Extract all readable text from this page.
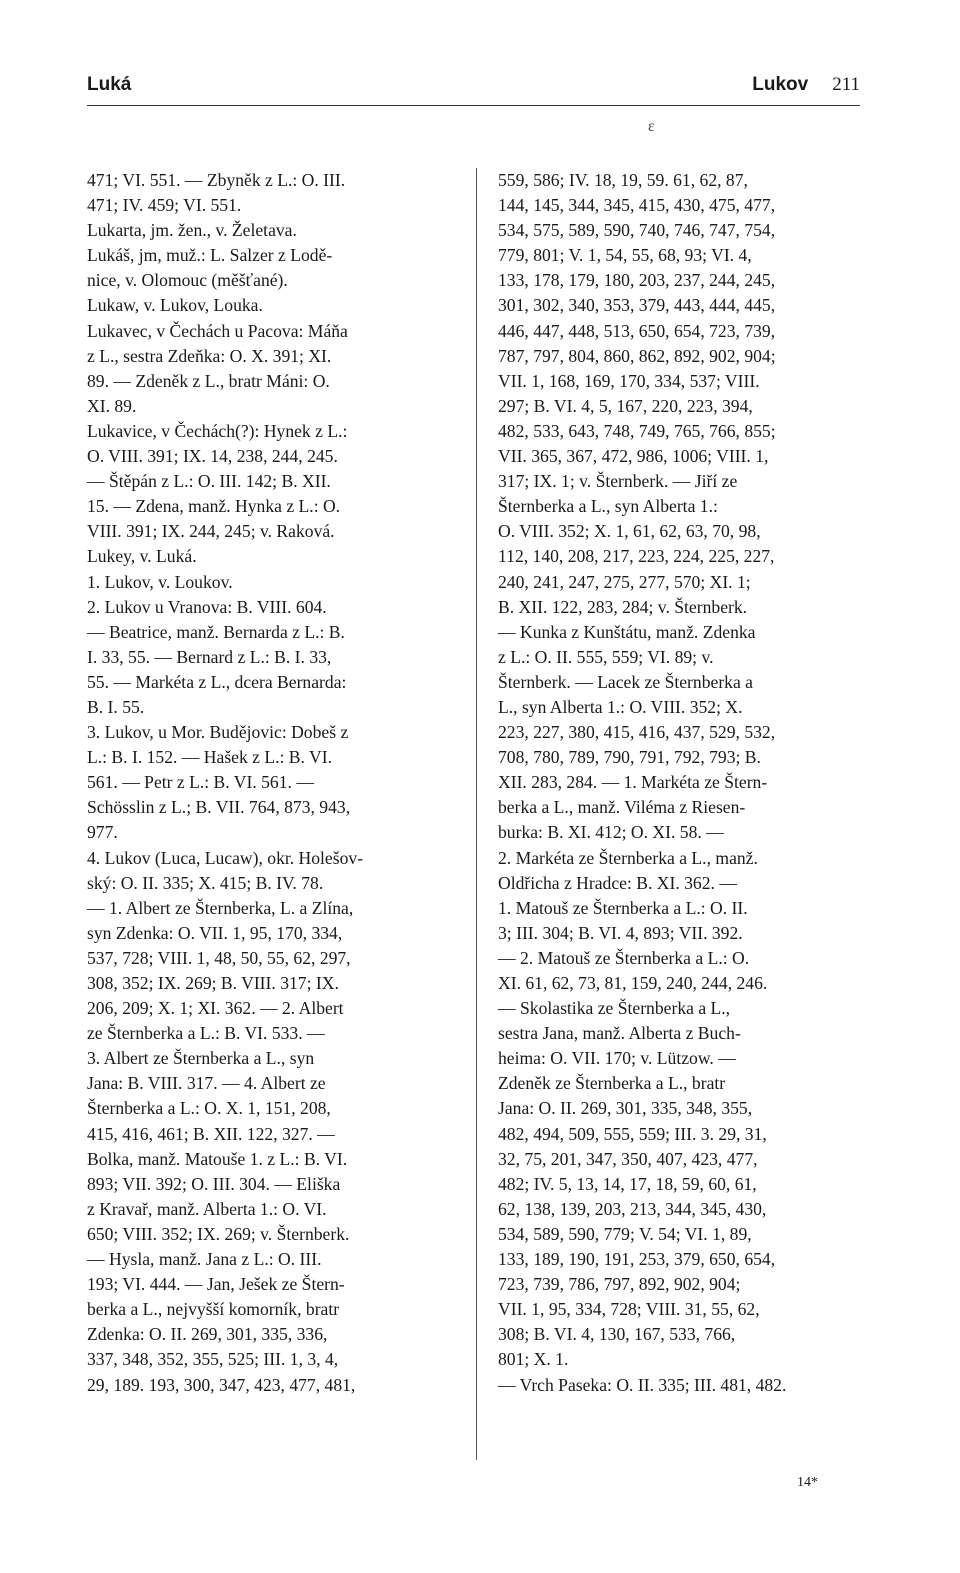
Luká	Lukov 211
ɛ
471; VI. 551. — Zbyněk z L.: O. III.
471; IV. 459; VI. 551.
Lukarta, jm. žen., v. Želetava.
Lukáš, jm, muž.: L. Salzer z Lodě-
nice, v. Olomouc (měšťané).
Lukaw, v. Lukov, Louka.
Lukavec, v Čechách u Pacova: Máňa
z L., sestra Zdeňka: O. X. 391; XI.
89. — Zdeněk z L., bratr Máni: O.
XI. 89.
Lukavice, v Čechách(?): Hynek z L.:
O. VIII. 391; IX. 14, 238, 244, 245.
— Štěpán z L.: O. III. 142; B. XII.
15. — Zdena, manž. Hynka z L.: O.
VIII. 391; IX. 244, 245; v. Raková.
Lukey, v. Luká.
1. Lukov, v. Loukov.
2. Lukov u Vranova: B. VIII. 604.
— Beatrice, manž. Bernarda z L.: B.
I. 33, 55. — Bernard z L.: B. I. 33,
55. — Markéta z L., dcera Bernarda:
B. I. 55.
3. Lukov, u Mor. Budějovic: Dobeš z
L.: B. I. 152. — Hašek z L.: B. VI.
561. — Petr z L.: B. VI. 561. —
Schösslin z L.; B. VII. 764, 873, 943,
977.
4. Lukov (Luca, Lucaw), okr. Holešov-
ský: O. II. 335; X. 415; B. IV. 78.
— 1. Albert ze Šternberka, L. a Zlína,
syn Zdenka: O. VII. 1, 95, 170, 334,
537, 728; VIII. 1, 48, 50, 55, 62, 297,
308, 352; IX. 269; B. VIII. 317; IX.
206, 209; X. 1; XI. 362. — 2. Albert
ze Šternberka a L.: B. VI. 533. —
3. Albert ze Šternberka a L., syn
Jana: B. VIII. 317. — 4. Albert ze
Šternberka a L.: O. X. 1, 151, 208,
415, 416, 461; B. XII. 122, 327. —
Bolka, manž. Matouše 1. z L.: B. VI.
893; VII. 392; O. III. 304. — Eliška
z Kravař, manž. Alberta 1.: O. VI.
650; VIII. 352; IX. 269; v. Šternberk.
— Hysla, manž. Jana z L.: O. III.
193; VI. 444. — Jan, Ješek ze Štern-
berka a L., nejvyšší komorník, bratr
Zdenka: O. II. 269, 301, 335, 336,
337, 348, 352, 355, 525; III. 1, 3, 4,
29, 189. 193, 300, 347, 423, 477, 481,
559, 586; IV. 18, 19, 59. 61, 62, 87,
144, 145, 344, 345, 415, 430, 475, 477,
534, 575, 589, 590, 740, 746, 747, 754,
779, 801; V. 1, 54, 55, 68, 93; VI. 4,
133, 178, 179, 180, 203, 237, 244, 245,
301, 302, 340, 353, 379, 443, 444, 445,
446, 447, 448, 513, 650, 654, 723, 739,
787, 797, 804, 860, 862, 892, 902, 904;
VII. 1, 168, 169, 170, 334, 537; VIII.
297; B. VI. 4, 5, 167, 220, 223, 394,
482, 533, 643, 748, 749, 765, 766, 855;
VII. 365, 367, 472, 986, 1006; VIII. 1,
317; IX. 1; v. Šternberk. — Jiří ze
Šternberka a L., syn Alberta 1.:
O. VIII. 352; X. 1, 61, 62, 63, 70, 98,
112, 140, 208, 217, 223, 224, 225, 227,
240, 241, 247, 275, 277, 570; XI. 1;
B. XII. 122, 283, 284; v. Šternberk.
— Kunka z Kunštátu, manž. Zdenka
z L.: O. II. 555, 559; VI. 89; v.
Šternberk. — Lacek ze Šternberka a
L., syn Alberta 1.: O. VIII. 352; X.
223, 227, 380, 415, 416, 437, 529, 532,
708, 780, 789, 790, 791, 792, 793; B.
XII. 283, 284. — 1. Markéta ze Štern-
berka a L., manž. Viléma z Riesen-
burka: B. XI. 412; O. XI. 58. —
2. Markéta ze Šternberka a L., manž.
Oldřicha z Hradce: B. XI. 362. —
1. Matouš ze Šternberka a L.: O. II.
3; III. 304; B. VI. 4, 893; VII. 392.
— 2. Matouš ze Šternberka a L.: O.
XI. 61, 62, 73, 81, 159, 240, 244, 246.
— Skolastika ze Šternberka a L.,
sestra Jana, manž. Alberta z Buch-
heima: O. VII. 170; v. Lützow. —
Zdeněk ze Šternberka a L., bratr
Jana: O. II. 269, 301, 335, 348, 355,
482, 494, 509, 555, 559; III. 3. 29, 31,
32, 75, 201, 347, 350, 407, 423, 477,
482; IV. 5, 13, 14, 17, 18, 59, 60, 61,
62, 138, 139, 203, 213, 344, 345, 430,
534, 589, 590, 779; V. 54; VI. 1, 89,
133, 189, 190, 191, 253, 379, 650, 654,
723, 739, 786, 797, 892, 902, 904;
VII. 1, 95, 334, 728; VIII. 31, 55, 62,
308; B. VI. 4, 130, 167, 533, 766,
801; X. 1.
— Vrch Paseka: O. II. 335; III. 481, 482.
14*
